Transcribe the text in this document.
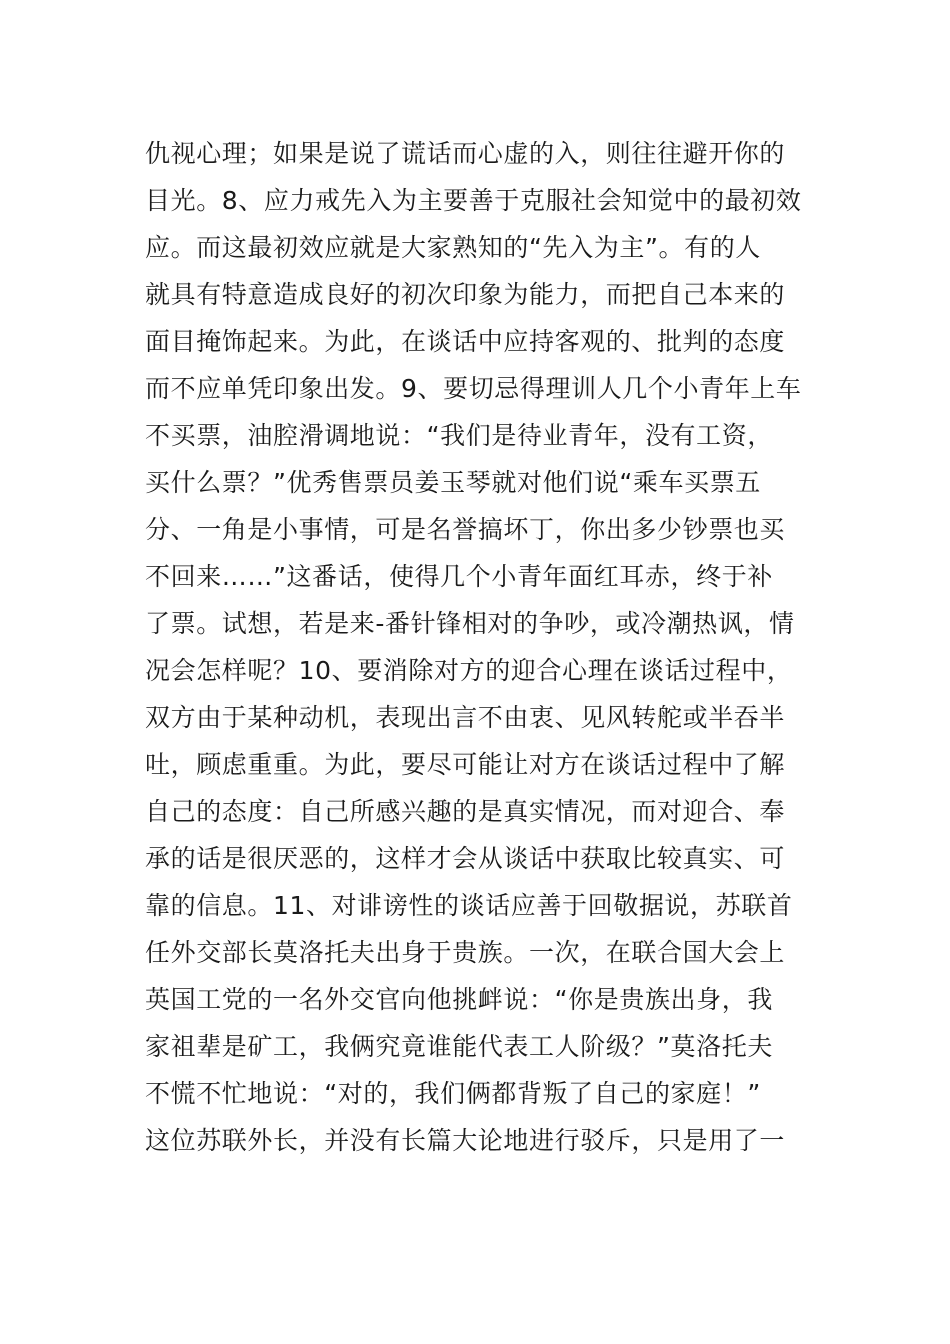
仇视心理；如果是说了谎话而心虚的入，则往往避开你的
目光。8、应力戒先入为主要善于克服社会知觉中的最初效
应。而这最初效应就是大家熟知的“先入为主”。有的人
就具有特意造成良好的初次印象为能力，而把自己本来的
面目掩饰起来。为此，在谈话中应持客观的、批判的态度
而不应单凭印象出发。9、要切忌得理训人几个小青年上车
不买票，油腔滑调地说：“我们是待业青年，没有工资，
买什么票？”优秀售票员姜玉琴就对他们说“乘车买票五
分、一角是小事情，可是名誉搞坏丁，你出多少钞票也买
不回来……”这番话，使得几个小青年面红耳赤，终于补
了票。试想，若是来-番针锋相对的争吵，或冷潮热讽，情
况会怎样呢？10、要消除对方的迎合心理在谈话过程中，
双方由于某种动机，表现出言不由衷、见风转舵或半吞半
吐，顾虑重重。为此，要尽可能让对方在谈话过程中了解
自己的态度：自己所感兴趣的是真实情况，而对迎合、奉
承的话是很厌恶的，这样才会从谈话中获取比较真实、可
靠的信息。11、对诽谤性的谈话应善于回敬据说，苏联首
任外交部长莫洛托夫出身于贵族。一次，在联合国大会上
英国工党的一名外交官向他挑衅说：“你是贵族出身，我
家祖辈是矿工，我俩究竟谁能代表工人阶级？”莫洛托夫
不慌不忙地说：“对的，我们俩都背叛了自己的家庭！”
这位苏联外长，并没有长篇大论地进行驳斥，只是用了一
